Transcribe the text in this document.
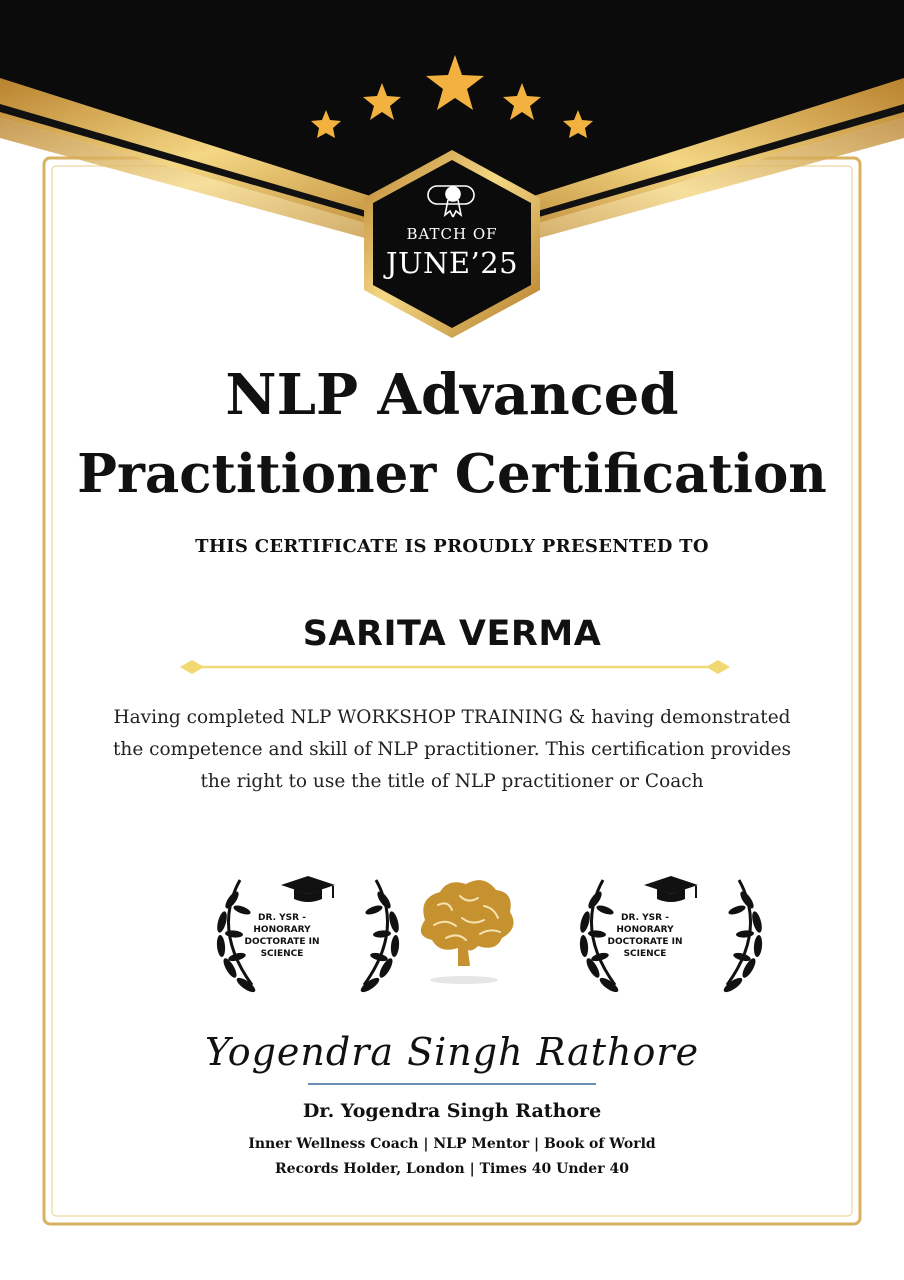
BATCH OF
JUNE’25
NLP Advanced
Practitioner Certification
THIS CERTIFICATE IS PROUDLY PRESENTED TO
SARITA VERMA
Having completed NLP WORKSHOP TRAINING & having demonstrated the competence and skill of NLP practitioner. This certification provides the right to use the title of NLP practitioner or Coach
DR. YSR - HONORARY DOCTORATE IN SCIENCE
DR. YSR - HONORARY DOCTORATE IN SCIENCE
Yogendra Singh Rathore
Dr. Yogendra Singh Rathore
Inner Wellness Coach | NLP Mentor | Book of World
Records Holder, London | Times 40 Under 40
